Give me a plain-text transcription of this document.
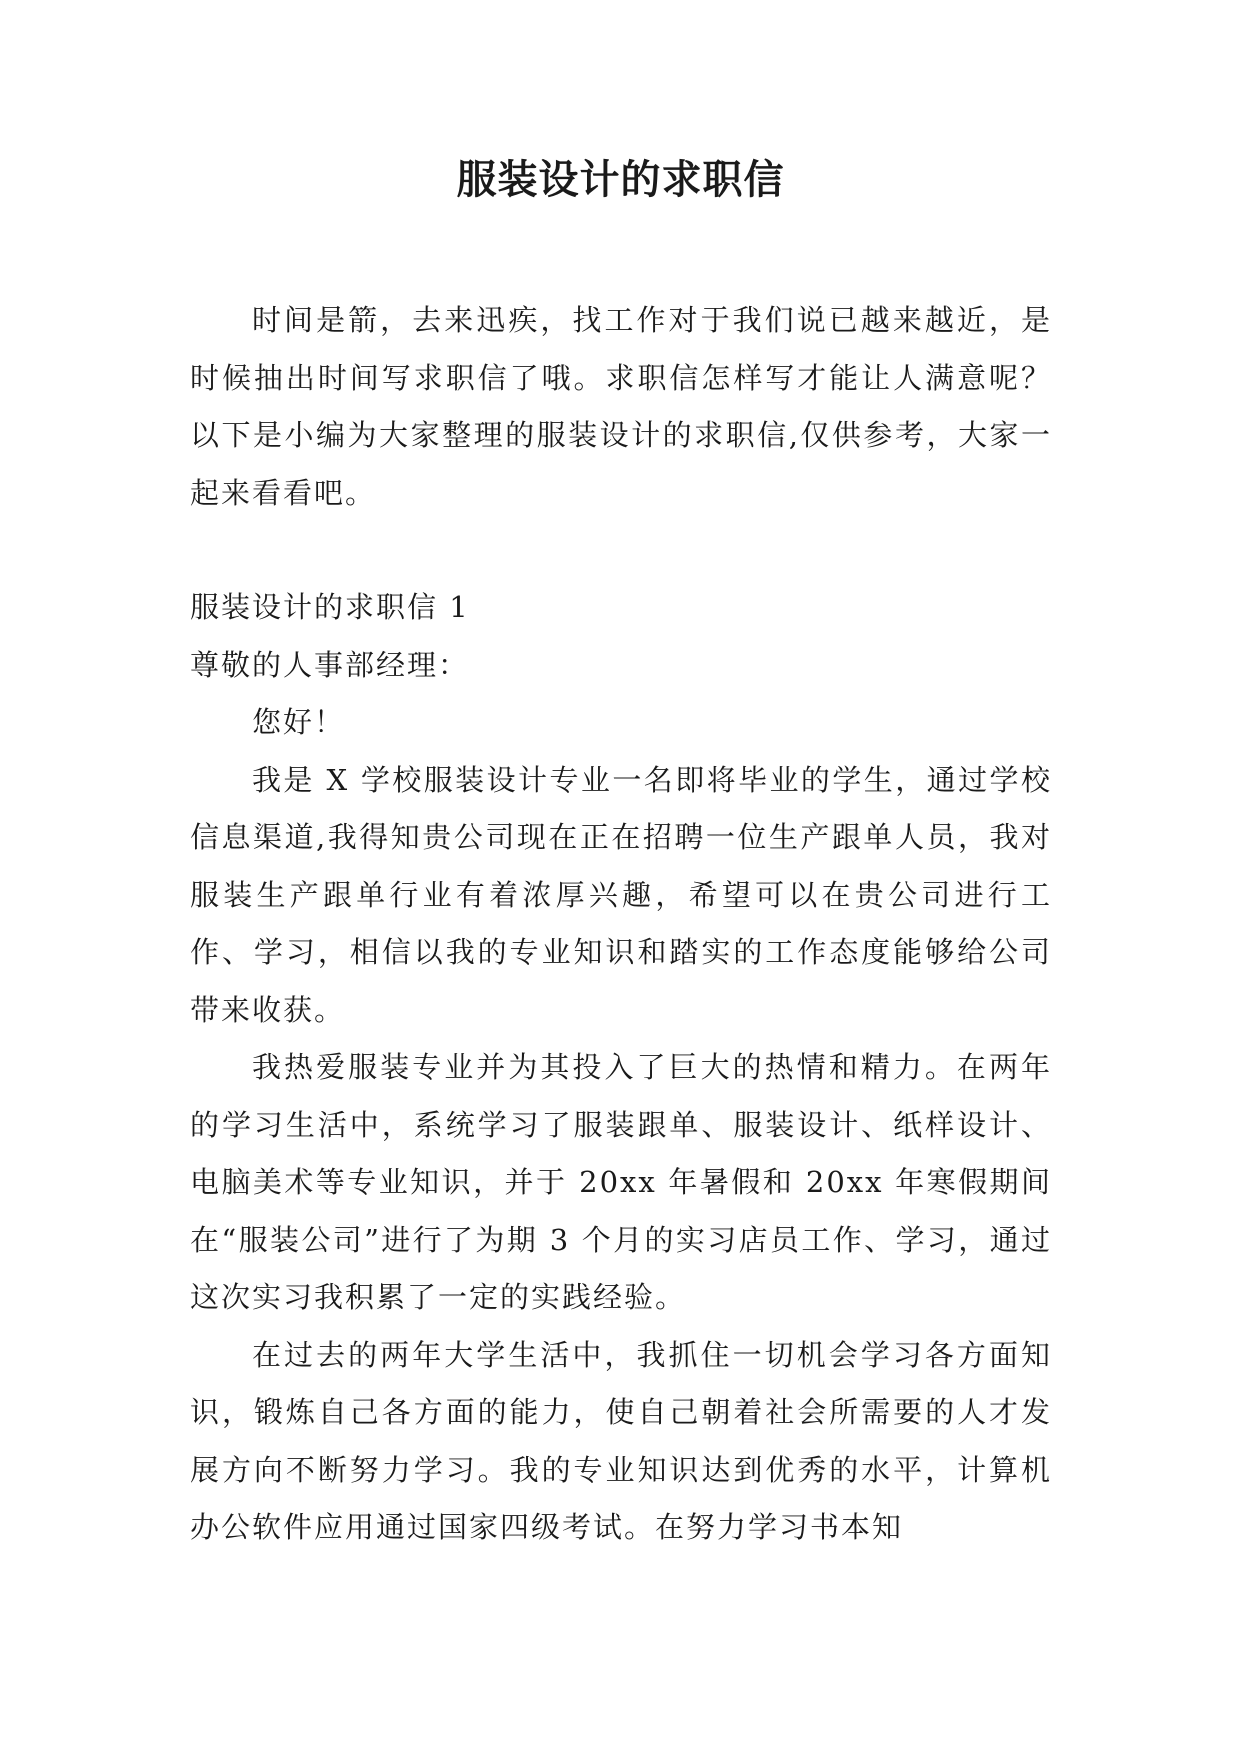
服装设计的求职信

时间是箭，去来迅疾，找工作对于我们说已越来越近，是时候抽出时间写求职信了哦。求职信怎样写才能让人满意呢？以下是小编为大家整理的服装设计的求职信,仅供参考，大家一起来看看吧。

服装设计的求职信 1

尊敬的人事部经理：

您好！

我是 X 学校服装设计专业一名即将毕业的学生，通过学校信息渠道,我得知贵公司现在正在招聘一位生产跟单人员，我对服装生产跟单行业有着浓厚兴趣，希望可以在贵公司进行工作、学习，相信以我的专业知识和踏实的工作态度能够给公司带来收获。

我热爱服装专业并为其投入了巨大的热情和精力。在两年的学习生活中，系统学习了服装跟单、服装设计、纸样设计、电脑美术等专业知识，并于 20xx 年暑假和 20xx 年寒假期间在“服装公司”进行了为期 3 个月的实习店员工作、学习，通过这次实习我积累了一定的实践经验。

在过去的两年大学生活中，我抓住一切机会学习各方面知识，锻炼自己各方面的能力，使自己朝着社会所需要的人才发展方向不断努力学习。我的专业知识达到优秀的水平，计算机办公软件应用通过国家四级考试。在努力学习书本知
